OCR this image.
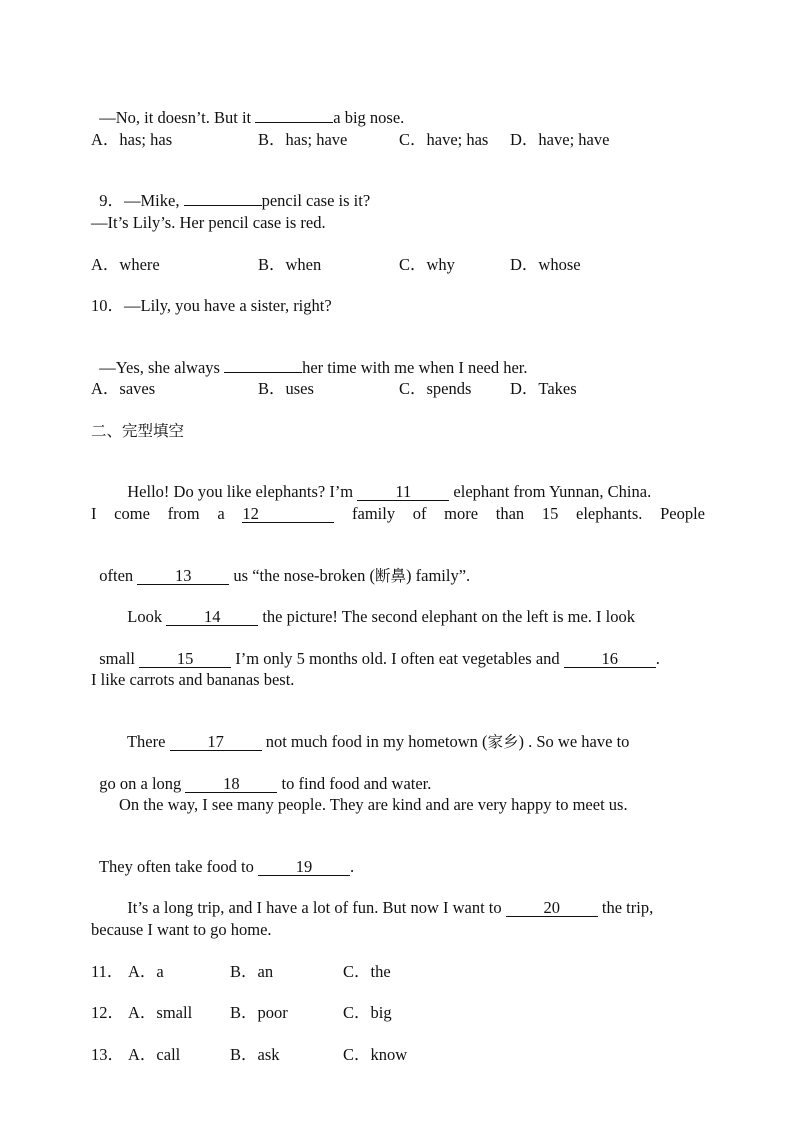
—No, it doesn’t. But it	a big nose.

A．has; has	B．has; have	C．have; has D．have; have

9．—Mike,	pencil case is it?

—It’s Lily’s. Her pencil case is red.
A．where	B．when	C．why	D．whose
10．—Lily, you have a sister, right?

—Yes, she always	her time with me when I need her.

A．saves	B．uses	C．spends D．Takes
二、完型填空

Hello! Do you like elephants? I’m 11 elephant from Yunnan, China.

I come from a 12	family of more than 15 elephants. People

often 13 us “the nose-broken (断鼻) family”.

Look 14 the picture! The second elephant on the left is me. I look

small 15 I’m only 5 months old. I often eat vegetables and 16 .

I like carrots and bananas best.

There 17 not much food in my hometown (家乡) . So we have to

go on a long 18 to find food and water.

On the way, I see many people. They are kind and are very happy to meet us.

They often take food to 19 .

It’s a long trip, and I have a lot of fun. But now I want to 20 the trip,

because I want to go home.
11． A．a	B．an	C．the
12． A．small B．poor	C．big
13． A．call	B．ask	C．know
